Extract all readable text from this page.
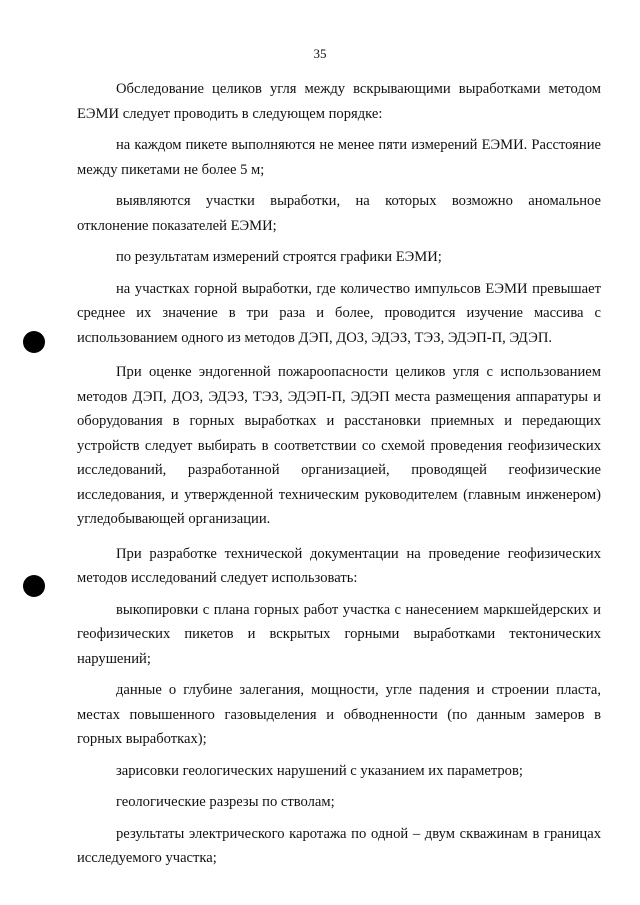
35

Обследование целиков угля между вскрывающими выработками методом ЕЭМИ следует проводить в следующем порядке:

на каждом пикете выполняются не менее пяти измерений ЕЭМИ. Расстояние между пикетами не более 5 м;

выявляются участки выработки, на которых возможно аномальное отклонение показателей ЕЭМИ;

по результатам измерений строятся графики ЕЭМИ;

на участках горной выработки, где количество импульсов ЕЭМИ превышает среднее их значение в три раза и более, проводится изучение массива с использованием одного из методов ДЭП, ДОЗ, ЭДЭЗ, ТЭЗ, ЭДЭП-П, ЭДЭП.

При оценке эндогенной пожароопасности целиков угля с использованием методов ДЭП, ДОЗ, ЭДЭЗ, ТЭЗ, ЭДЭП-П, ЭДЭП места размещения аппаратуры и оборудования в горных выработках и расстановки приемных и передающих устройств следует выбирать в соответствии со схемой проведения геофизических исследований, разработанной организацией, проводящей геофизические исследования, и утвержденной техническим руководителем (главным инженером) угледобывающей организации.

При разработке технической документации на проведение геофизических методов исследований следует использовать:

выкопировки с плана горных работ участка с нанесением маркшейдерских и геофизических пикетов и вскрытых горными выработками тектонических нарушений;

данные о глубине залегания, мощности, угле падения и строении пласта, местах повышенного газовыделения и обводненности (по данным замеров в горных выработках);

зарисовки геологических нарушений с указанием их параметров;

геологические разрезы по стволам;

результаты электрического каротажа по одной – двум скважинам в границах исследуемого участка;
